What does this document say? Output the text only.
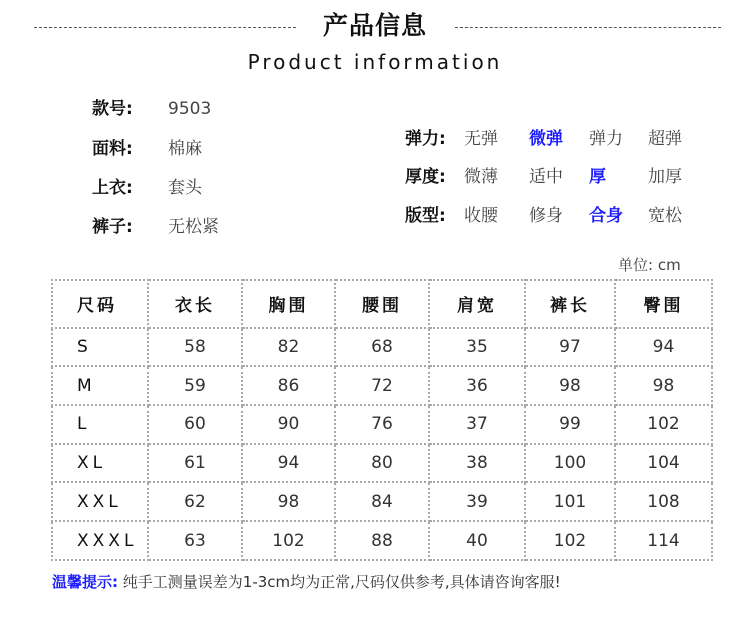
产品信息
Product information
款号: 9503
面料: 棉麻
上衣: 套头
裤子: 无松紧
弹力: 无弹 微弹 弹力 超弹
厚度: 微薄 适中 厚 加厚
版型: 收腰 修身 合身 宽松
单位: cm
尺码	衣长	胸围	腰围	肩宽	裤长	臀围
S	58	82	68	35	97	94
M	59	86	72	36	98	98
L	60	90	76	37	99	102
XL	61	94	80	38	100	104
XXL	62	98	84	39	101	108
XXXL	63	102	88	40	102	114
温馨提示: 纯手工测量误差为1-3cm均为正常,尺码仅供参考,具体请咨询客服!
